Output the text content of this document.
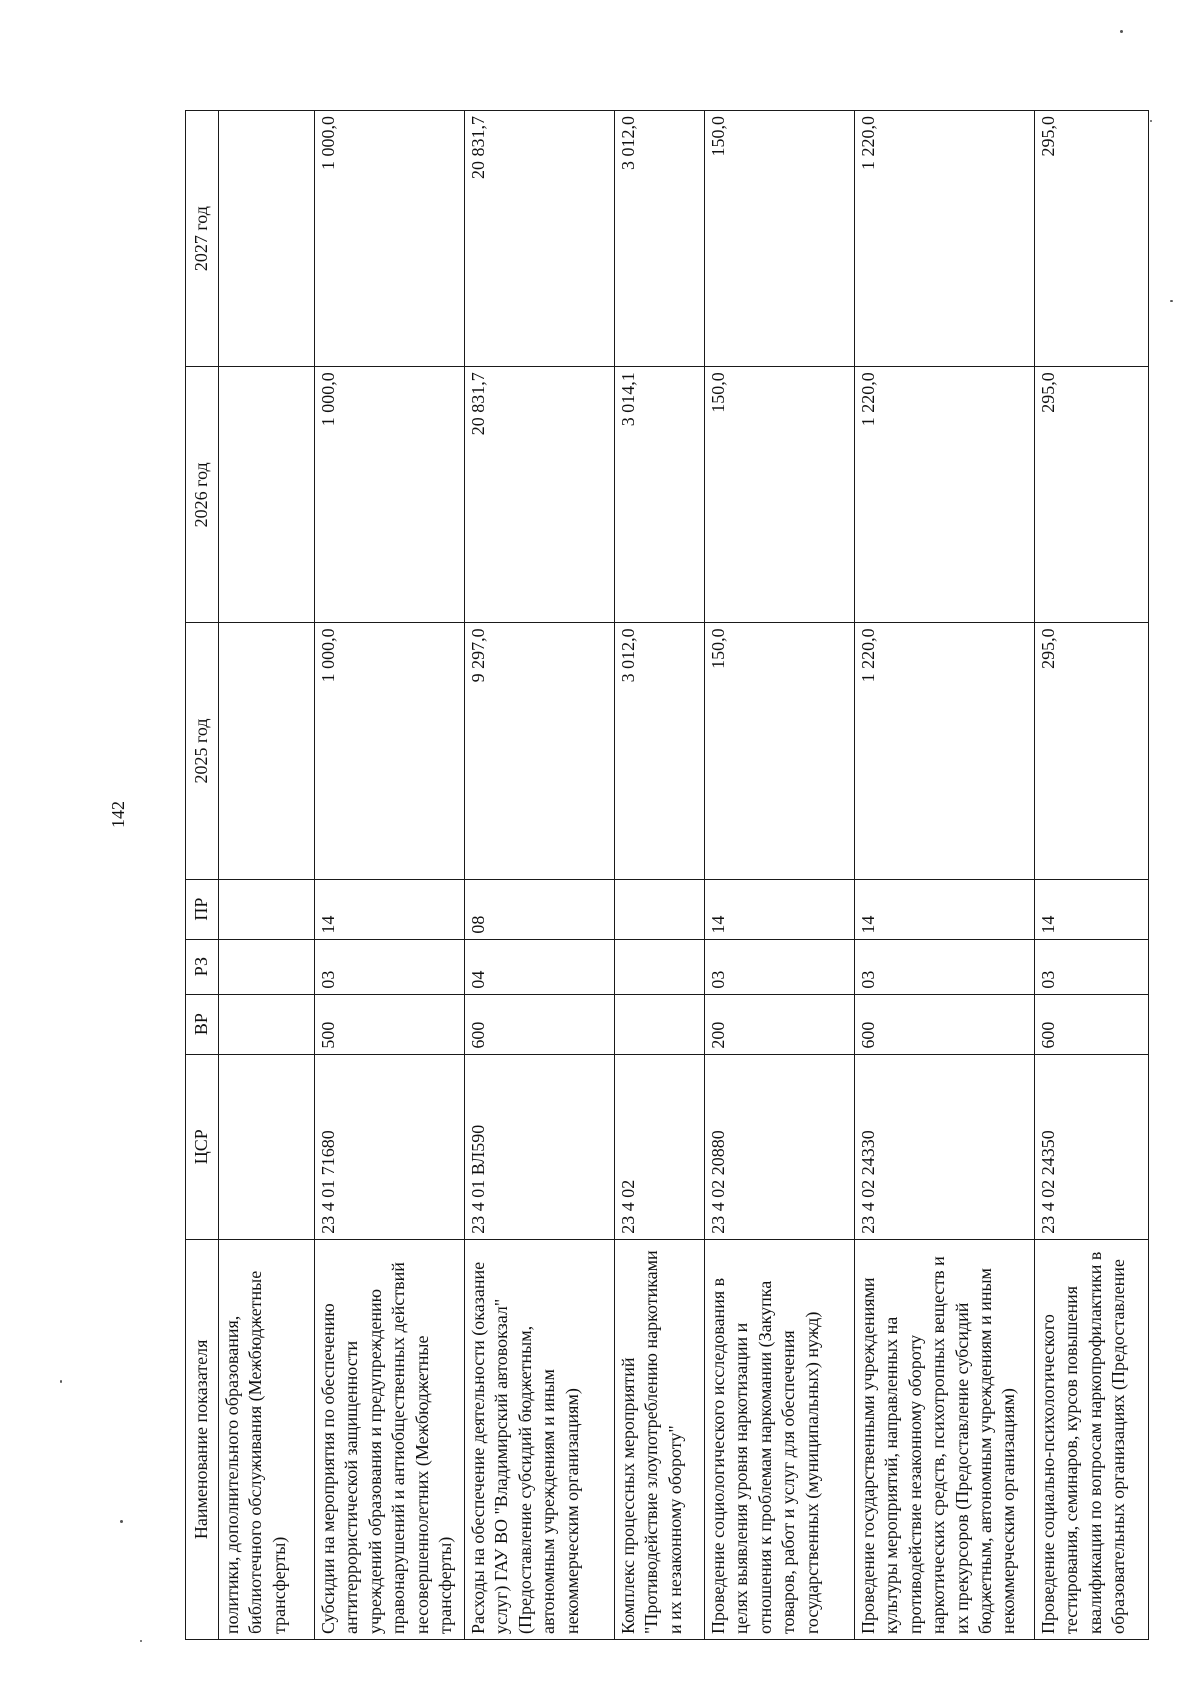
142
Наименование показателя	ЦСР	ВР	РЗ	ПР	2025 год	2026 год	2027 год
политики, дополнительного образования, библиотечного обслуживания (Межбюджетные трансферты)							
Субсидии на мероприятия по обеспечению антитеррористической защищенности учреждений образования и предупреждению правонарушений и антиобщественных действий несовершеннолетних (Межбюджетные трансферты)	23 4 01 71680	500	03	14	1 000,0	1 000,0	1 000,0
Расходы на обеспечение деятельности (оказание услуг) ГАУ ВО "Владимирский автовокзал" (Предоставление субсидий бюджетным, автономным учреждениям и иным некоммерческим организациям)	23 4 01 ВЛ590	600	04	08	9 297,0	20 831,7	20 831,7
Комплекс процессных мероприятий "Противодействие злоупотреблению наркотиками и их незаконному обороту"	23 4 02				3 012,0	3 014,1	3 012,0
Проведение социологического исследования в целях выявления уровня наркотизации и отношения к проблемам наркомании (Закупка товаров, работ и услуг для обеспечения государственных (муниципальных) нужд)	23 4 02 20880	200	03	14	150,0	150,0	150,0
Проведение государственными учреждениями культуры мероприятий, направленных на противодействие незаконному обороту наркотических средств, психотропных веществ и их прекурсоров (Предоставление субсидий бюджетным, автономным учреждениям и иным некоммерческим организациям)	23 4 02 24330	600	03	14	1 220,0	1 220,0	1 220,0
Проведение социально-психологического тестирования, семинаров, курсов повышения квалификации по вопросам наркопрофилактики в образовательных организациях (Предоставление	23 4 02 24350	600	03	14	295,0	295,0	295,0
